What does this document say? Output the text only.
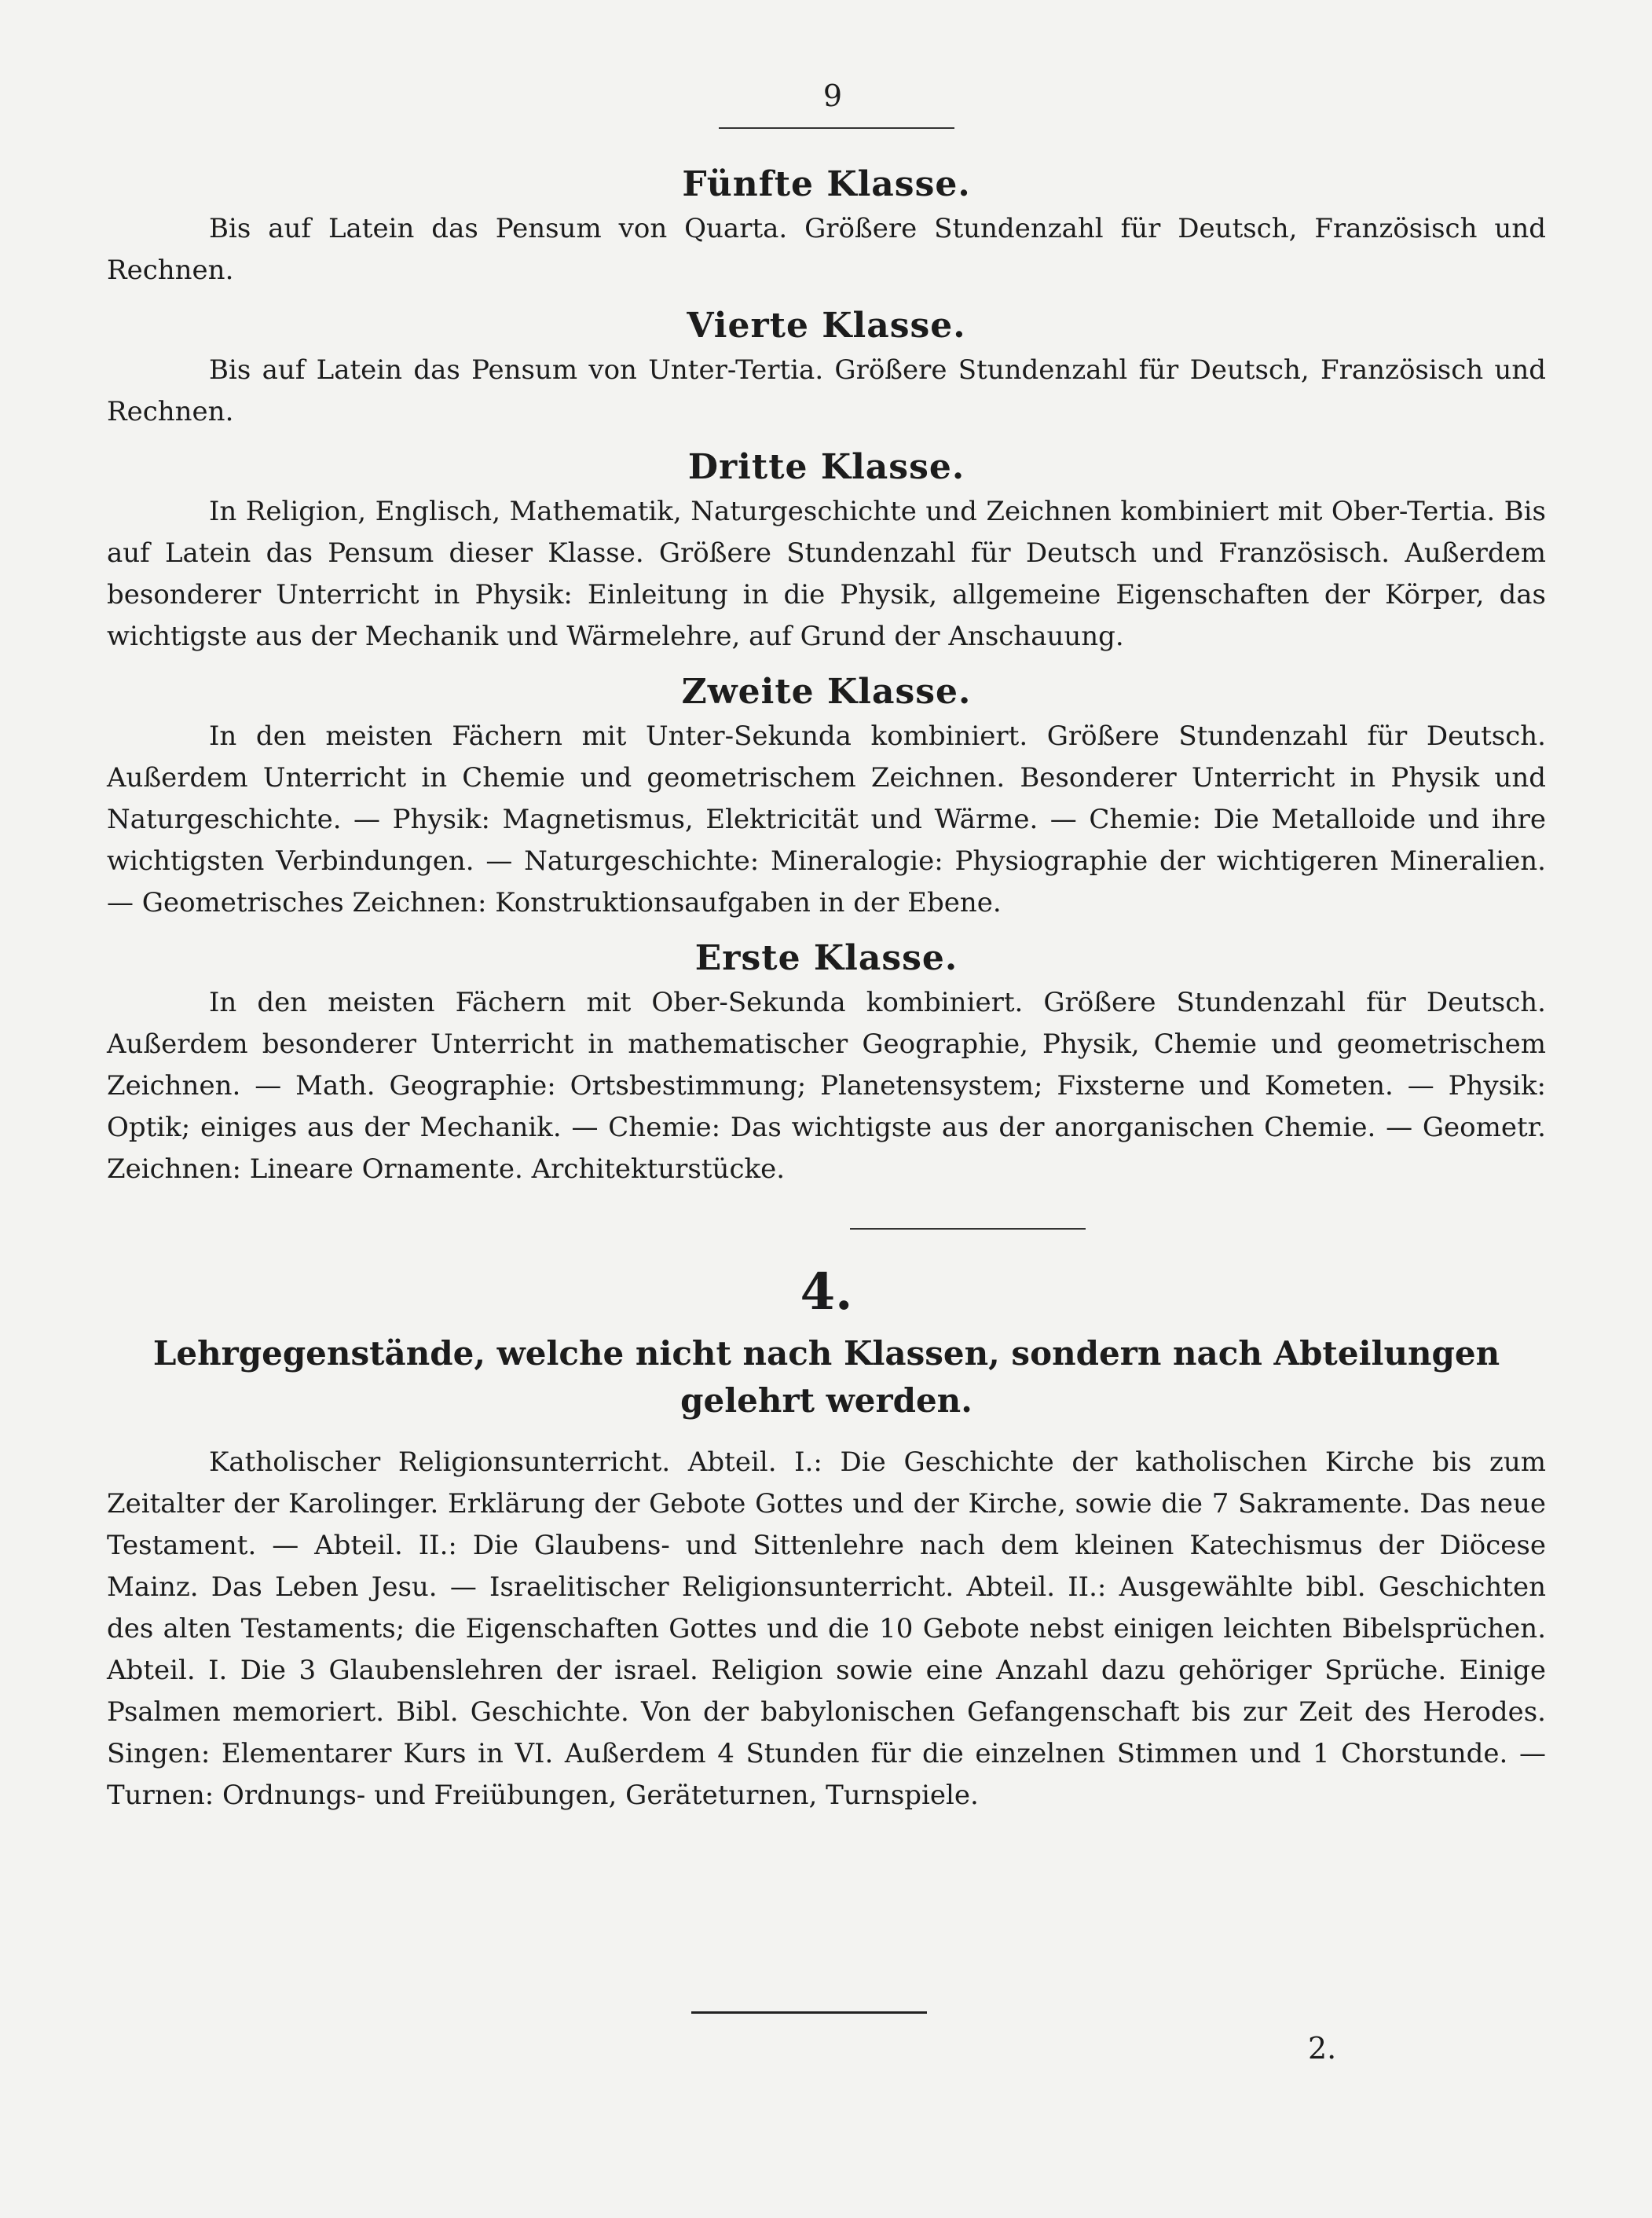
9
Fünfte Klasse.

Bis auf Latein das Pensum von Quarta. Größere Stundenzahl für Deutsch, Französisch und Rechnen.

Vierte Klasse.

Bis auf Latein das Pensum von Unter-Tertia. Größere Stundenzahl für Deutsch, Französisch und Rechnen.

Dritte Klasse.

In Religion, Englisch, Mathematik, Naturgeschichte und Zeichnen kombiniert mit Ober-Tertia. Bis auf Latein das Pensum dieser Klasse. Größere Stundenzahl für Deutsch und Französisch. Außerdem besonderer Unterricht in Physik: Einleitung in die Physik, allgemeine Eigenschaften der Körper, das wichtigste aus der Mechanik und Wärmelehre, auf Grund der Anschauung.

Zweite Klasse.

In den meisten Fächern mit Unter-Sekunda kombiniert. Größere Stundenzahl für Deutsch. Außerdem Unterricht in Chemie und geometrischem Zeichnen. Besonderer Unterricht in Physik und Naturgeschichte. — Physik: Magnetismus, Elektricität und Wärme. — Chemie: Die Metalloide und ihre wichtigsten Verbindungen. — Naturgeschichte: Mineralogie: Physiographie der wichtigeren Mineralien. — Geometrisches Zeichnen: Konstruktionsaufgaben in der Ebene.

Erste Klasse.

In den meisten Fächern mit Ober-Sekunda kombiniert. Größere Stundenzahl für Deutsch. Außerdem besonderer Unterricht in mathematischer Geographie, Physik, Chemie und geometrischem Zeichnen. — Math. Geographie: Ortsbestimmung; Planetensystem; Fixsterne und Kometen. — Physik: Optik; einiges aus der Mechanik. — Chemie: Das wichtigste aus der anorganischen Chemie. — Geometr. Zeichnen: Lineare Ornamente. Architekturstücke.

4.
Lehrgegenstände, welche nicht nach Klassen, sondern nach Abteilungen gelehrt werden.

Katholischer Religionsunterricht. Abteil. I.: Die Geschichte der katholischen Kirche bis zum Zeitalter der Karolinger. Erklärung der Gebote Gottes und der Kirche, sowie die 7 Sakramente. Das neue Testament. — Abteil. II.: Die Glaubens- und Sittenlehre nach dem kleinen Katechismus der Diöcese Mainz. Das Leben Jesu. — Israelitischer Religionsunterricht. Abteil. II.: Ausgewählte bibl. Geschichten des alten Testaments; die Eigenschaften Gottes und die 10 Gebote nebst einigen leichten Bibelsprüchen. Abteil. I. Die 3 Glaubenslehren der israel. Religion sowie eine Anzahl dazu gehöriger Sprüche. Einige Psalmen memoriert. Bibl. Geschichte. Von der babylonischen Gefangenschaft bis zur Zeit des Herodes. Singen: Elementarer Kurs in VI. Außerdem 4 Stunden für die einzelnen Stimmen und 1 Chorstunde. — Turnen: Ordnungs- und Freiübungen, Geräteturnen, Turnspiele.

2.
